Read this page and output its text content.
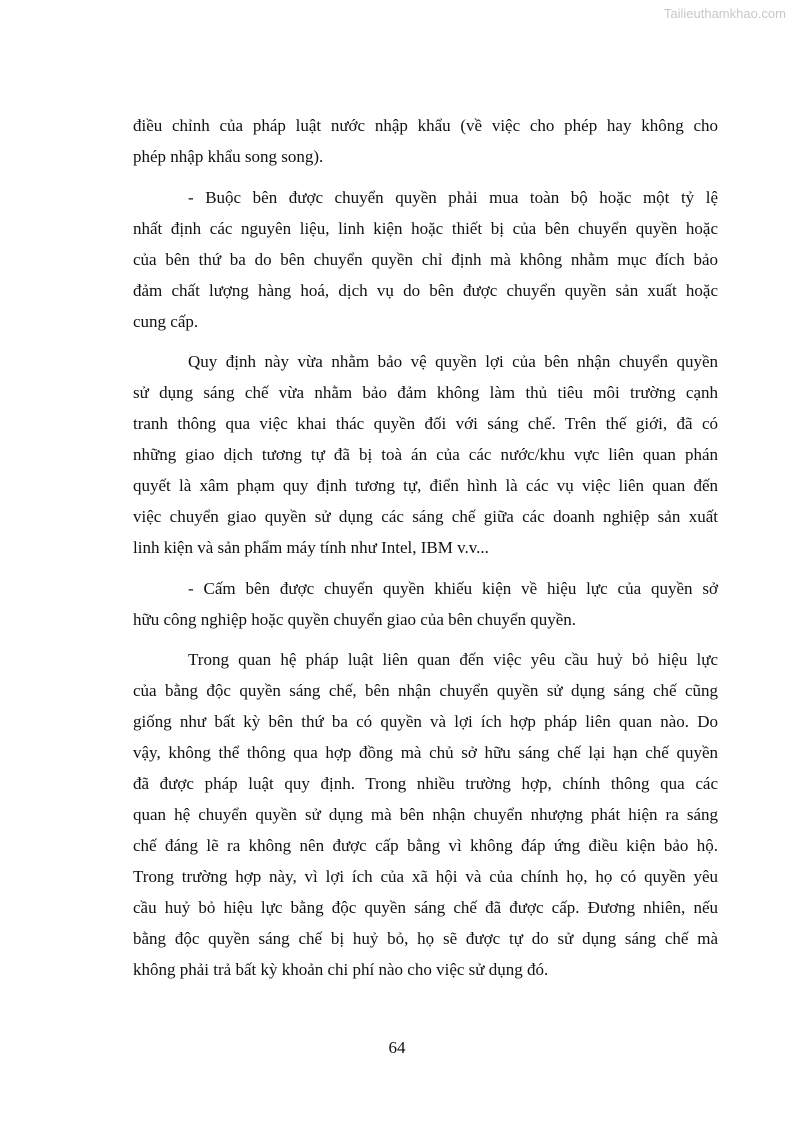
Tailieuthamkhao.com
điều chỉnh của pháp luật nước nhập khẩu (về việc cho phép hay không cho
phép nhập khẩu song song).
- Buộc bên được chuyển quyền phải mua toàn bộ hoặc một tỷ lệ
nhất định các nguyên liệu, linh kiện hoặc thiết bị của bên chuyển quyền hoặc
của bên thứ ba do bên chuyển quyền chỉ định mà không nhằm mục đích bảo
đảm chất lượng hàng hoá, dịch vụ do bên được chuyển quyền sản xuất hoặc
cung cấp.
Quy định này vừa nhằm bảo vệ quyền lợi của bên nhận chuyển quyền
sử dụng sáng chế vừa nhằm bảo đảm không làm thủ tiêu môi trường cạnh
tranh thông qua việc khai thác quyền đối với sáng chế. Trên thế giới, đã có
những giao dịch tương tự đã bị toà án của các nước/khu vực liên quan phán
quyết là xâm phạm quy định tương tự, điển hình là các vụ việc liên quan đến
việc chuyển giao quyền sử dụng các sáng chế giữa các doanh nghiệp sản xuất
linh kiện và sản phẩm máy tính như Intel, IBM v.v...
- Cấm bên được chuyển quyền khiếu kiện về hiệu lực của quyền sở
hữu công nghiệp hoặc quyền chuyển giao của bên chuyển quyền.
Trong quan hệ pháp luật liên quan đến việc yêu cầu huỷ bỏ hiệu lực
của bằng độc quyền sáng chế, bên nhận chuyển quyền sử dụng sáng chế cũng
giống như bất kỳ bên thứ ba có quyền và lợi ích hợp pháp liên quan nào. Do
vậy, không thể thông qua hợp đồng mà chủ sở hữu sáng chế lại hạn chế quyền
đã được pháp luật quy định. Trong nhiều trường hợp, chính thông qua các
quan hệ chuyển quyền sử dụng mà bên nhận chuyển nhượng phát hiện ra sáng
chế đáng lẽ ra không nên được cấp bằng vì không đáp ứng điều kiện bảo hộ.
Trong trường hợp này, vì lợi ích của xã hội và của chính họ, họ có quyền yêu
cầu huỷ bỏ hiệu lực bằng độc quyền sáng chế đã được cấp. Đương nhiên, nếu
bằng độc quyền sáng chế bị huỷ bỏ, họ sẽ được tự do sử dụng sáng chế mà
không phải trả bất kỳ khoản chi phí nào cho việc sử dụng đó.
64
